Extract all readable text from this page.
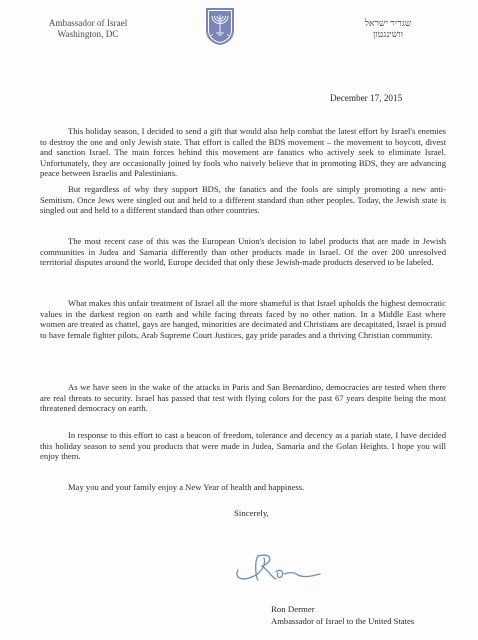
Ambassador of Israel
Washington, DC
שגריר ישראל
וושינגטון
December 17, 2015
This holiday season, I decided to send a gift that would also help combat the latest effort by Israel's enemies to destroy the one and only Jewish state. That effort is called the BDS movement – the movement to boycott, divest and sanction Israel. The main forces behind this movement are fanatics who actively seek to eliminate Israel. Unfortunately, they are occasionally joined by fools who naively believe that in promoting BDS, they are advancing peace between Israelis and Palestinians.
But regardless of why they support BDS, the fanatics and the fools are simply promoting a new anti-Semitism. Once Jews were singled out and held to a different standard than other peoples. Today, the Jewish state is singled out and held to a different standard than other countries.
The most recent case of this was the European Union's decision to label products that are made in Jewish communities in Judea and Samaria differently than other products made in Israel. Of the over 200 unresolved territorial disputes around the world, Europe decided that only these Jewish-made products deserved to be labeled.
What makes this unfair treatment of Israel all the more shameful is that Israel upholds the highest democratic values in the darkest region on earth and while facing threats faced by no other nation. In a Middle East where women are treated as chattel, gays are hanged, minorities are decimated and Christians are decapitated, Israel is proud to have female fighter pilots, Arab Supreme Court Justices, gay pride parades and a thriving Christian community.
As we have seen in the wake of the attacks in Paris and San Bernardino, democracies are tested when there are real threats to security. Israel has passed that test with flying colors for the past 67 years despite being the most threatened democracy on earth.
In response to this effort to cast a beacon of freedom, tolerance and decency as a pariah state, I have decided this holiday season to send you products that were made in Judea, Samaria and the Golan Heights. I hope you will enjoy them.
May you and your family enjoy a New Year of health and happiness.
Sincerely,
Ron Dermer
Ambassador of Israel to the United States
